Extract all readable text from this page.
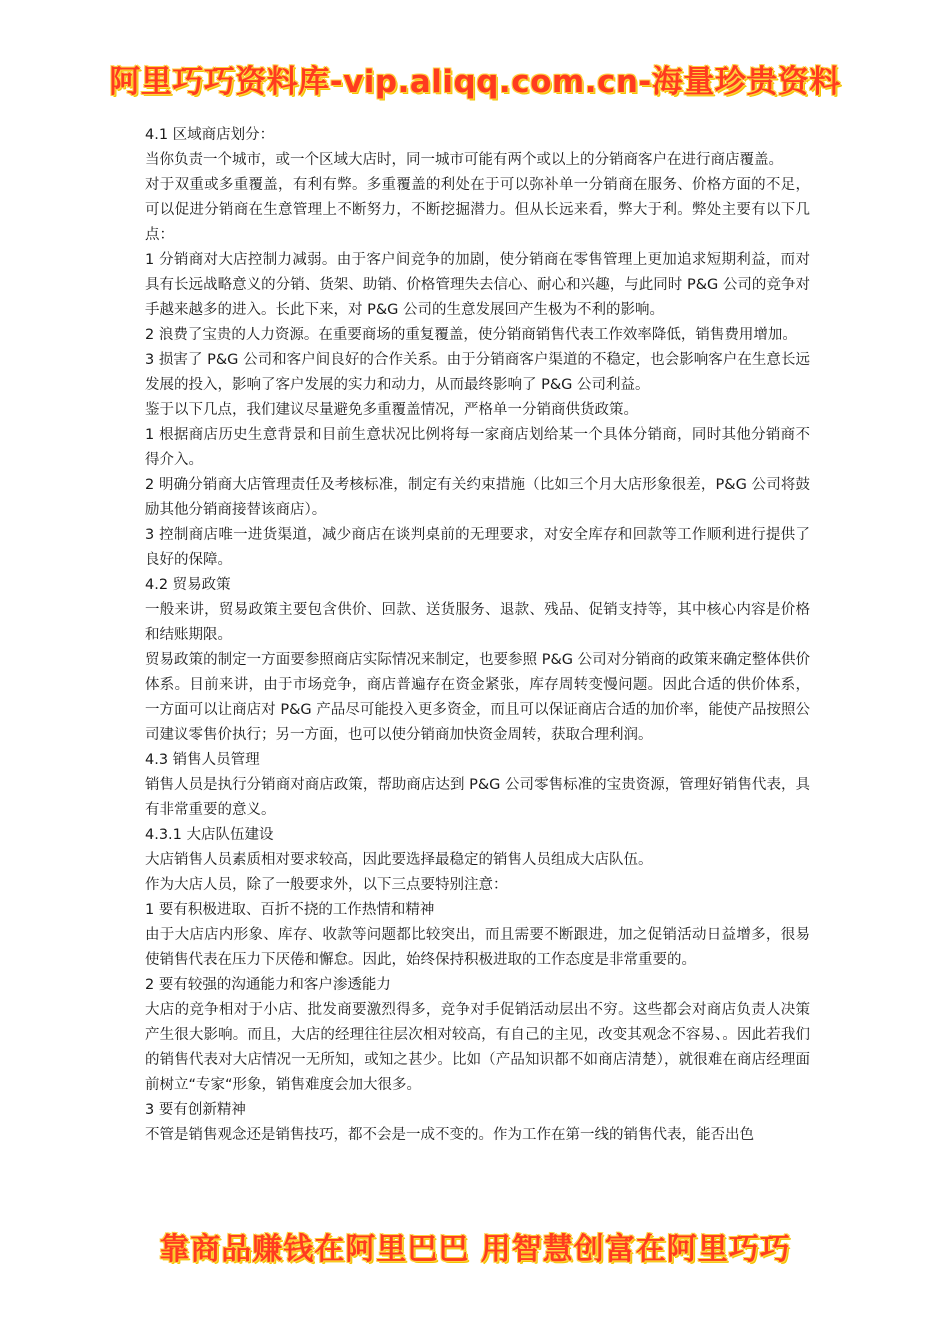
阿里巧巧资料库-vip.aliqq.com.cn-海量珍贵资料

4.1 区域商店划分：

当你负责一个城市，或一个区域大店时，同一城市可能有两个或以上的分销商客户在进行商店覆盖。

对于双重或多重覆盖，有利有弊。多重覆盖的利处在于可以弥补单一分销商在服务、价格方面的不足，可以促进分销商在生意管理上不断努力，不断挖掘潜力。但从长远来看，弊大于利。弊处主要有以下几点：

1 分销商对大店控制力减弱。由于客户间竞争的加剧，使分销商在零售管理上更加追求短期利益，而对具有长远战略意义的分销、货架、助销、价格管理失去信心、耐心和兴趣，与此同时 P&G 公司的竞争对手越来越多的进入。长此下来，对 P&G 公司的生意发展回产生极为不利的影响。

2 浪费了宝贵的人力资源。在重要商场的重复覆盖，使分销商销售代表工作效率降低，销售费用增加。

3 损害了 P&G 公司和客户间良好的合作关系。由于分销商客户渠道的不稳定，也会影响客户在生意长远发展的投入，影响了客户发展的实力和动力，从而最终影响了 P&G 公司利益。

鉴于以下几点，我们建议尽量避免多重覆盖情况，严格单一分销商供货政策。

1 根据商店历史生意背景和目前生意状况比例将每一家商店划给某一个具体分销商，同时其他分销商不得介入。

2 明确分销商大店管理责任及考核标准，制定有关约束措施（比如三个月大店形象很差，P&G 公司将鼓励其他分销商接替该商店）。

3 控制商店唯一进货渠道，减少商店在谈判桌前的无理要求，对安全库存和回款等工作顺利进行提供了良好的保障。

4.2 贸易政策

一般来讲，贸易政策主要包含供价、回款、送货服务、退款、残品、促销支持等，其中核心内容是价格和结账期限。

贸易政策的制定一方面要参照商店实际情况来制定，也要参照 P&G 公司对分销商的政策来确定整体供价体系。目前来讲，由于市场竞争，商店普遍存在资金紧张，库存周转变慢问题。因此合适的供价体系，一方面可以让商店对 P&G 产品尽可能投入更多资金，而且可以保证商店合适的加价率，能使产品按照公司建议零售价执行；另一方面，也可以使分销商加快资金周转，获取合理利润。

4.3 销售人员管理

销售人员是执行分销商对商店政策，帮助商店达到 P&G 公司零售标准的宝贵资源，管理好销售代表，具有非常重要的意义。

4.3.1 大店队伍建设

大店销售人员素质相对要求较高，因此要选择最稳定的销售人员组成大店队伍。

作为大店人员，除了一般要求外，以下三点要特别注意：

1 要有积极进取、百折不挠的工作热情和精神

由于大店店内形象、库存、收款等问题都比较突出，而且需要不断跟进，加之促销活动日益增多，很易使销售代表在压力下厌倦和懈怠。因此，始终保持积极进取的工作态度是非常重要的。

2 要有较强的沟通能力和客户渗透能力

大店的竞争相对于小店、批发商要激烈得多，竞争对手促销活动层出不穷。这些都会对商店负责人决策产生很大影响。而且，大店的经理往往层次相对较高，有自己的主见，改变其观念不容易、。因此若我们的销售代表对大店情况一无所知，或知之甚少。比如（产品知识都不如商店清楚），就很难在商店经理面前树立“专家“形象，销售难度会加大很多。

3 要有创新精神

不管是销售观念还是销售技巧，都不会是一成不变的。作为工作在第一线的销售代表，能否出色

靠商品赚钱在阿里巴巴 用智慧创富在阿里巧巧
